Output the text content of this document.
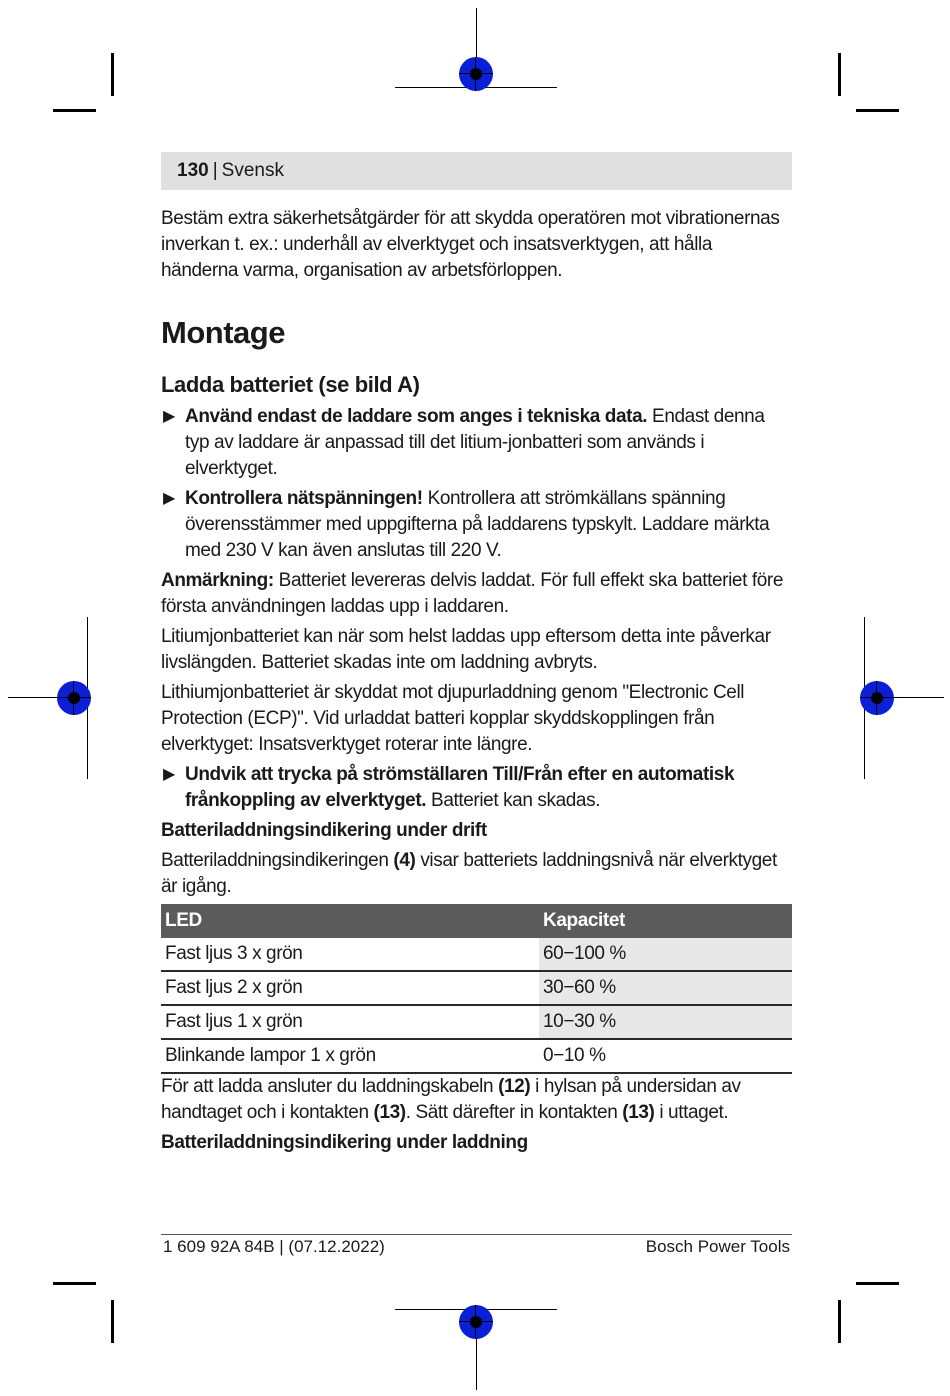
130 | Svensk

Bestäm extra säkerhetsåtgärder för att skydda operatören mot vibrationernas inverkan t. ex.: underhåll av elverktyget och insatsverktygen, att hålla händerna varma, organisation av arbetsförloppen.

Montage

Ladda batteriet (se bild A)

▶ Använd endast de laddare som anges i tekniska data. Endast denna typ av laddare är anpassad till det litium-jonbatteri som används i elverktyget.

▶ Kontrollera nätspänningen! Kontrollera att strömkällans spänning överensstämmer med uppgifterna på laddarens typskylt. Laddare märkta med 230 V kan även anslutas till 220 V.

Anmärkning: Batteriet levereras delvis laddat. För full effekt ska batteriet före första användningen laddas upp i laddaren.

Litiumjonbatteriet kan när som helst laddas upp eftersom detta inte påverkar livslängden. Batteriet skadas inte om laddning avbryts.

Lithiumjonbatteriet är skyddat mot djupurladdning genom "Electronic Cell Protection (ECP)". Vid urladdat batteri kopplar skyddskopplingen från elverktyget: Insatsverktyget roterar inte längre.

▶ Undvik att trycka på strömställaren Till/Från efter en automatisk frånkoppling av elverktyget. Batteriet kan skadas.

Batteriladdningsindikering under drift

Batteriladdningsindikeringen (4) visar batteriets laddningsnivå när elverktyget är igång.

LED	Kapacitet
Fast ljus 3 x grön	60−100 %
Fast ljus 2 x grön	30−60 %
Fast ljus 1 x grön	10−30 %
Blinkande lampor 1 x grön	0−10 %

För att ladda ansluter du laddningskabeln (12) i hylsan på undersidan av handtaget och i kontakten (13). Sätt därefter in kontakten (13) i uttaget.

Batteriladdningsindikering under laddning

1 609 92A 84B | (07.12.2022)	Bosch Power Tools
